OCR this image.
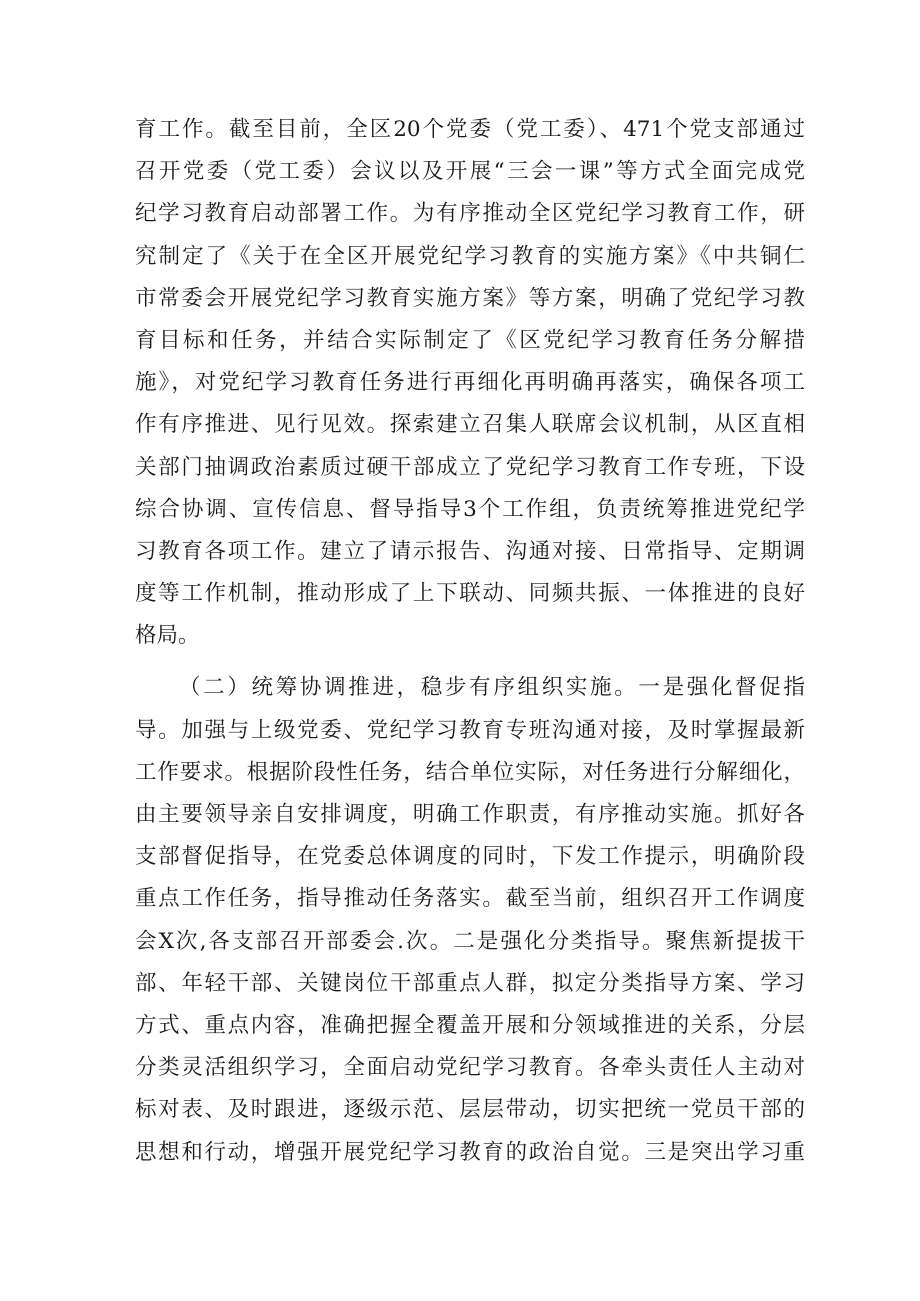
育工作。截至目前，全区20个党委（党工委）、471个党支部通过
召开党委（党工委）会议以及开展“三会一课”等方式全面完成党
纪学习教育启动部署工作。为有序推动全区党纪学习教育工作，研
究制定了《关于在全区开展党纪学习教育的实施方案》《中共铜仁
市常委会开展党纪学习教育实施方案》等方案，明确了党纪学习教
育目标和任务，并结合实际制定了《区党纪学习教育任务分解措
施》，对党纪学习教育任务进行再细化再明确再落实，确保各项工
作有序推进、见行见效。探索建立召集人联席会议机制，从区直相
关部门抽调政治素质过硬干部成立了党纪学习教育工作专班，下设
综合协调、宣传信息、督导指导3个工作组，负责统筹推进党纪学
习教育各项工作。建立了请示报告、沟通对接、日常指导、定期调
度等工作机制，推动形成了上下联动、同频共振、一体推进的良好
格局。
（二）统筹协调推进，稳步有序组织实施。一是强化督促指
导。加强与上级党委、党纪学习教育专班沟通对接，及时掌握最新
工作要求。根据阶段性任务，结合单位实际，对任务进行分解细化，
由主要领导亲自安排调度，明确工作职责，有序推动实施。抓好各
支部督促指导，在党委总体调度的同时，下发工作提示，明确阶段
重点工作任务，指导推动任务落实。截至当前，组织召开工作调度
会X次,各支部召开部委会.次。二是强化分类指导。聚焦新提拔干
部、年轻干部、关键岗位干部重点人群，拟定分类指导方案、学习
方式、重点内容，准确把握全覆盖开展和分领域推进的关系，分层
分类灵活组织学习，全面启动党纪学习教育。各牵头责任人主动对
标对表、及时跟进，逐级示范、层层带动，切实把统一党员干部的
思想和行动，增强开展党纪学习教育的政治自觉。三是突出学习重
